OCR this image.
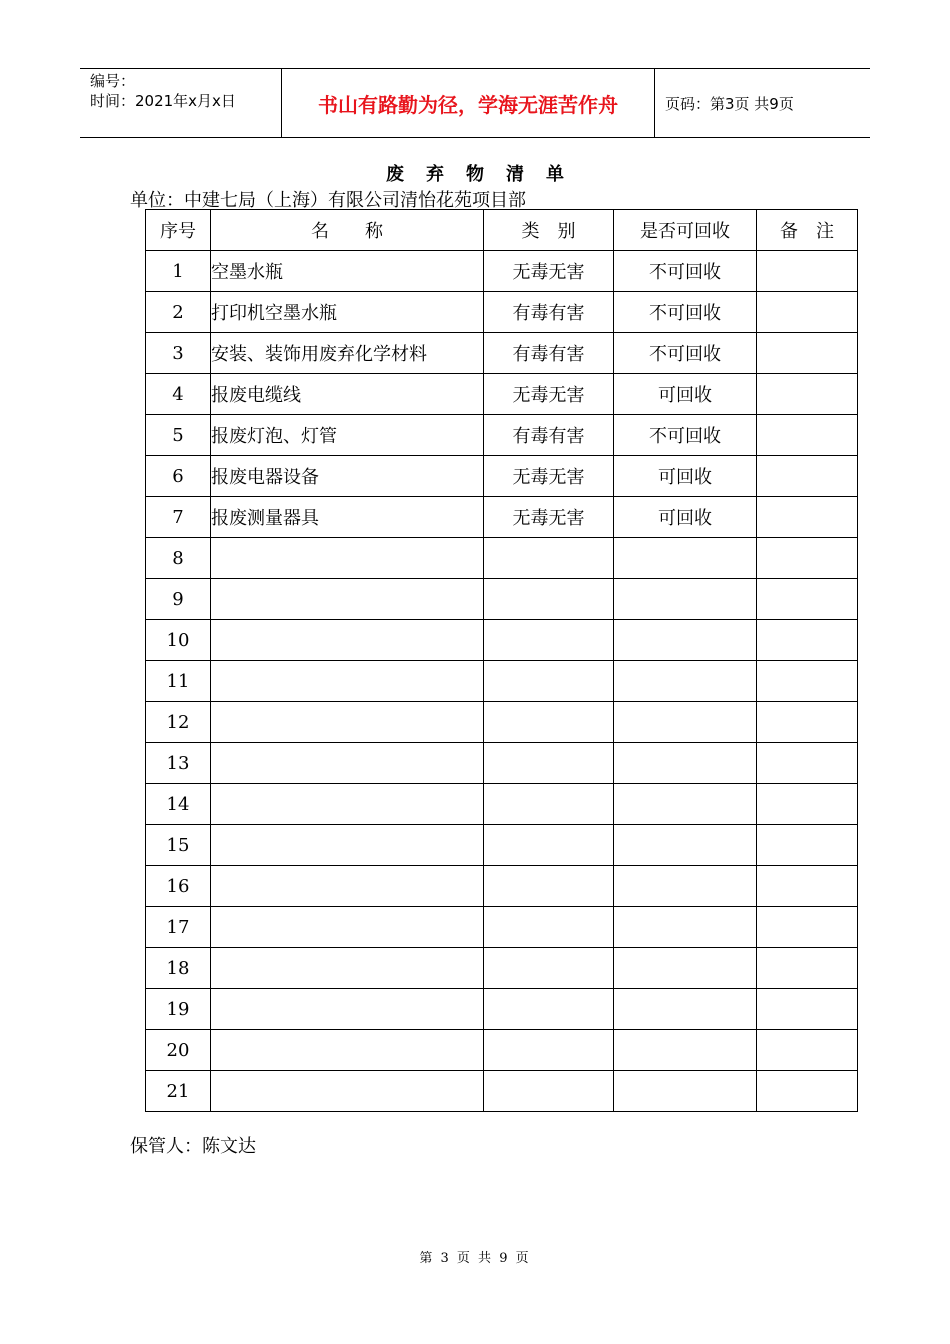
编号：
时间：2021年x月x日	书山有路勤为径，学海无涯苦作舟	页码：第3页 共9页
废弃物清单
单位：中建七局（上海）有限公司清怡花苑项目部
序号	名　　称	类　别	是否可回收	备　注
1	空墨水瓶	无毒无害	不可回收	
2	打印机空墨水瓶	有毒有害	不可回收	
3	安装、装饰用废弃化学材料	有毒有害	不可回收	
4	报废电缆线	无毒无害	可回收	
5	报废灯泡、灯管	有毒有害	不可回收	
6	报废电器设备	无毒无害	可回收	
7	报废测量器具	无毒无害	可回收	
8				
9				
10				
11				
12				
13				
14				
15				
16				
17				
18				
19				
20				
21				
保管人：陈文达
第 3 页 共 9 页
